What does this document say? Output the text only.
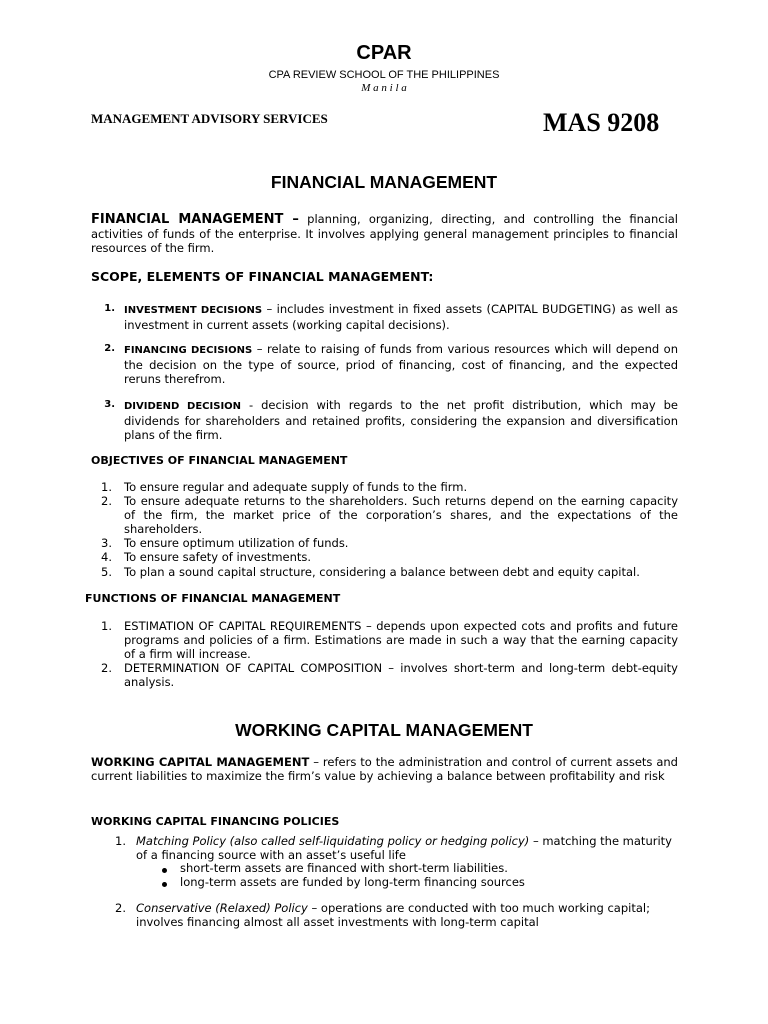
CPAR
CPA REVIEW SCHOOL OF THE PHILIPPINES
M a n i l a
MANAGEMENT ADVISORY SERVICES	MAS 9208
FINANCIAL MANAGEMENT
FINANCIAL MANAGEMENT – planning, organizing, directing, and controlling the financial activities of funds of the enterprise. It involves applying general management principles to financial resources of the firm.
SCOPE, ELEMENTS OF FINANCIAL MANAGEMENT:
1. INVESTMENT DECISIONS – includes investment in fixed assets (CAPITAL BUDGETING) as well as investment in current assets (working capital decisions).
2. FINANCING DECISIONS – relate to raising of funds from various resources which will depend on the decision on the type of source, priod of financing, cost of financing, and the expected reruns therefrom.
3. DIVIDEND DECISION - decision with regards to the net profit distribution, which may be dividends for shareholders and retained profits, considering the expansion and diversification plans of the firm.
OBJECTIVES OF FINANCIAL MANAGEMENT
1. To ensure regular and adequate supply of funds to the firm.
2. To ensure adequate returns to the shareholders. Such returns depend on the earning capacity of the firm, the market price of the corporation’s shares, and the expectations of the shareholders.
3. To ensure optimum utilization of funds.
4. To ensure safety of investments.
5. To plan a sound capital structure, considering a balance between debt and equity capital.
FUNCTIONS OF FINANCIAL MANAGEMENT
1. ESTIMATION OF CAPITAL REQUIREMENTS – depends upon expected cots and profits and future programs and policies of a firm. Estimations are made in such a way that the earning capacity of a firm will increase.
2. DETERMINATION OF CAPITAL COMPOSITION – involves short-term and long-term debt-equity analysis.
WORKING CAPITAL MANAGEMENT
WORKING CAPITAL MANAGEMENT – refers to the administration and control of current assets and current liabilities to maximize the firm’s value by achieving a balance between profitability and risk
WORKING CAPITAL FINANCING POLICIES
1. Matching Policy (also called self-liquidating policy or hedging policy) – matching the maturity of a financing source with an asset’s useful life
short-term assets are financed with short-term liabilities.
long-term assets are funded by long-term financing sources
2. Conservative (Relaxed) Policy – operations are conducted with too much working capital; involves financing almost all asset investments with long-term capital
